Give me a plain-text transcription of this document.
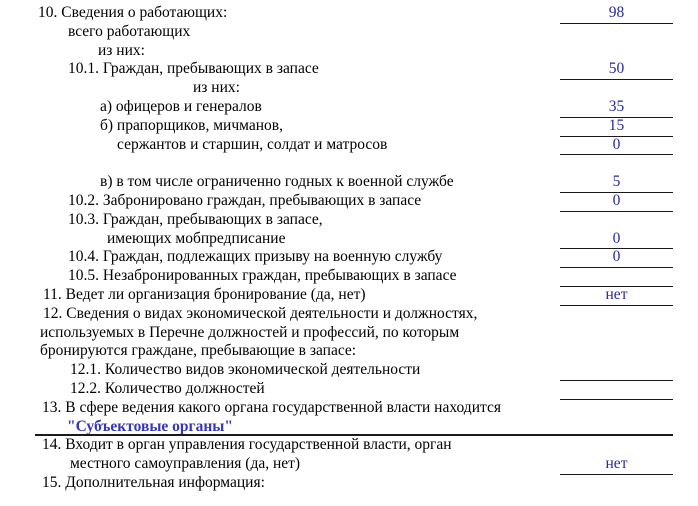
10. Сведения о работающих:	98
всего работающих
из них:
10.1. Граждан, пребывающих в запасе	50
из них:
а) офицеров и генералов	35
б) прапорщиков, мичманов,	15
сержантов и старшин, солдат и матросов	0
в) в том числе ограниченно годных к военной службе	5
10.2. Забронировано граждан, пребывающих в запасе	0
10.3. Граждан, пребывающих в запасе,
имеющих мобпредписание	0
10.4. Граждан, подлежащих призыву на военную службу	0
10.5. Незабронированных граждан, пребывающих в запасе
11. Ведет ли организация бронирование (да, нет)	нет
12. Сведения о видах экономической деятельности и должностях,
используемых в Перечне должностей и профессий, по которым
бронируются граждане, пребывающие в запасе:
12.1. Количество видов экономической деятельности
12.2. Количество должностей
13. В сфере ведения какого органа государственной власти находится
"Субъектовые органы"
14. Входит в орган управления государственной власти, орган
местного самоуправления (да, нет)	нет
15. Дополнительная информация:
